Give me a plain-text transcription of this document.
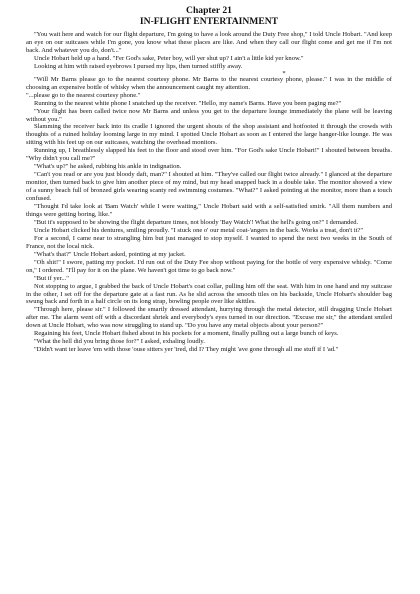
Chapter 21
IN-FLIGHT ENTERTAINMENT

"You wait here and watch for our flight departure, I'm going to have a look around the Duty Free shop," I told Uncle Hobart. "And keep an eye on our suitcases while I'm gone, you know what these places are like. And when they call our flight come and get me if I'm not back. And whatever you do, don't..."

Uncle Hobart held up a hand. "Fer God's sake, Peter boy, will yer shut up? I ain't a little kid yer know."

Looking at him with raised eyebrows I pursed my lips, then turned stiffly away.

*

"Will Mr Barns please go to the nearest courtesy phone. Mr Barns to the nearest courtesy phone, please." I was in the middle of choosing an expensive bottle of whisky when the announcement caught my attention.

"...please go to the nearest courtesy phone."

Running to the nearest white phone I snatched up the receiver. "Hello, my name's Barns. Have you been paging me?"

"Your flight has been called twice now Mr Barns and unless you get to the departure lounge immediately the plane will be leaving without you."

Slamming the receiver back into its cradle I ignored the urgent shouts of the shop assistant and hotfooted it through the crowds with thoughts of a ruined holiday looming large in my mind. I spotted Uncle Hobart as soon as I entered the large hanger-like lounge. He was sitting with his feet up on our suitcases, watching the overhead monitors.

Running up, I breathlessly slapped his feet to the floor and stood over him. "For God's sake Uncle Hobart!" I shouted between breaths. "Why didn't you call me?"

"What's up?" he asked, rubbing his ankle in indignation.

"Can't you read or are you just bloody daft, man?" I shouted at him. "They've called our flight twice already." I glanced at the departure monitor, then turned back to give him another piece of my mind, but my head snapped back in a double take. The monitor showed a view of a sunny beach full of bronzed girls wearing scanty red swimming costumes. "What?" I asked pointing at the monitor, more than a touch confused.

"Thought I'd take look at 'Bam Watch' while I were waiting," Uncle Hobart said with a self-satisfied smirk. "All them numbers and things were getting boring, like."

"But it's supposed to be showing the flight departure times, not bloody 'Bay Watch'! What the hell's going on?" I demanded.

Uncle Hobart clicked his dentures, smiling proudly. "I stuck one o' our metal coat-'angers in the back. Works a treat, don't it?"

For a second, I came near to strangling him but just managed to stop myself. I wanted to spend the next two weeks in the South of France, not the local nick.

"What's that?" Uncle Hobart asked, pointing at my jacket.

"Oh shit!" I swore, patting my pocket. I'd run out of the Duty Fee shop without paying for the bottle of very expensive whisky. "Come on," I ordered. "I'll pay for it on the plane. We haven't got time to go back now."

"But if yer..."

Not stopping to argue, I grabbed the back of Uncle Hobart's coat collar, pulling him off the seat. With him in one hand and my suitcase in the other, I set off for the departure gate at a fast run. As he slid across the smooth tiles on his backside, Uncle Hobart's shoulder bag swung back and forth in a half circle on its long strap, bowling people over like skittles.

"Through here, please sir." I followed the smartly dressed attendant, hurrying through the metal detector, still dragging Uncle Hobart after me. The alarm went off with a discordant shriek and everybody's eyes turned in our direction. "Excuse me sir," the attendant smiled down at Uncle Hobart, who was now struggling to stand up. "Do you have any metal objects about your person?"

Regaining his feet, Uncle Hobart fished about in his pockets for a moment, finally pulling out a large bunch of keys.

"What the hell did you bring those for?" I asked, exhaling loudly.

"Didn't want ter leave 'em with those 'ouse sitters yer 'ired, did I? They might 'ave gone through all me stuff if I 'ad."
